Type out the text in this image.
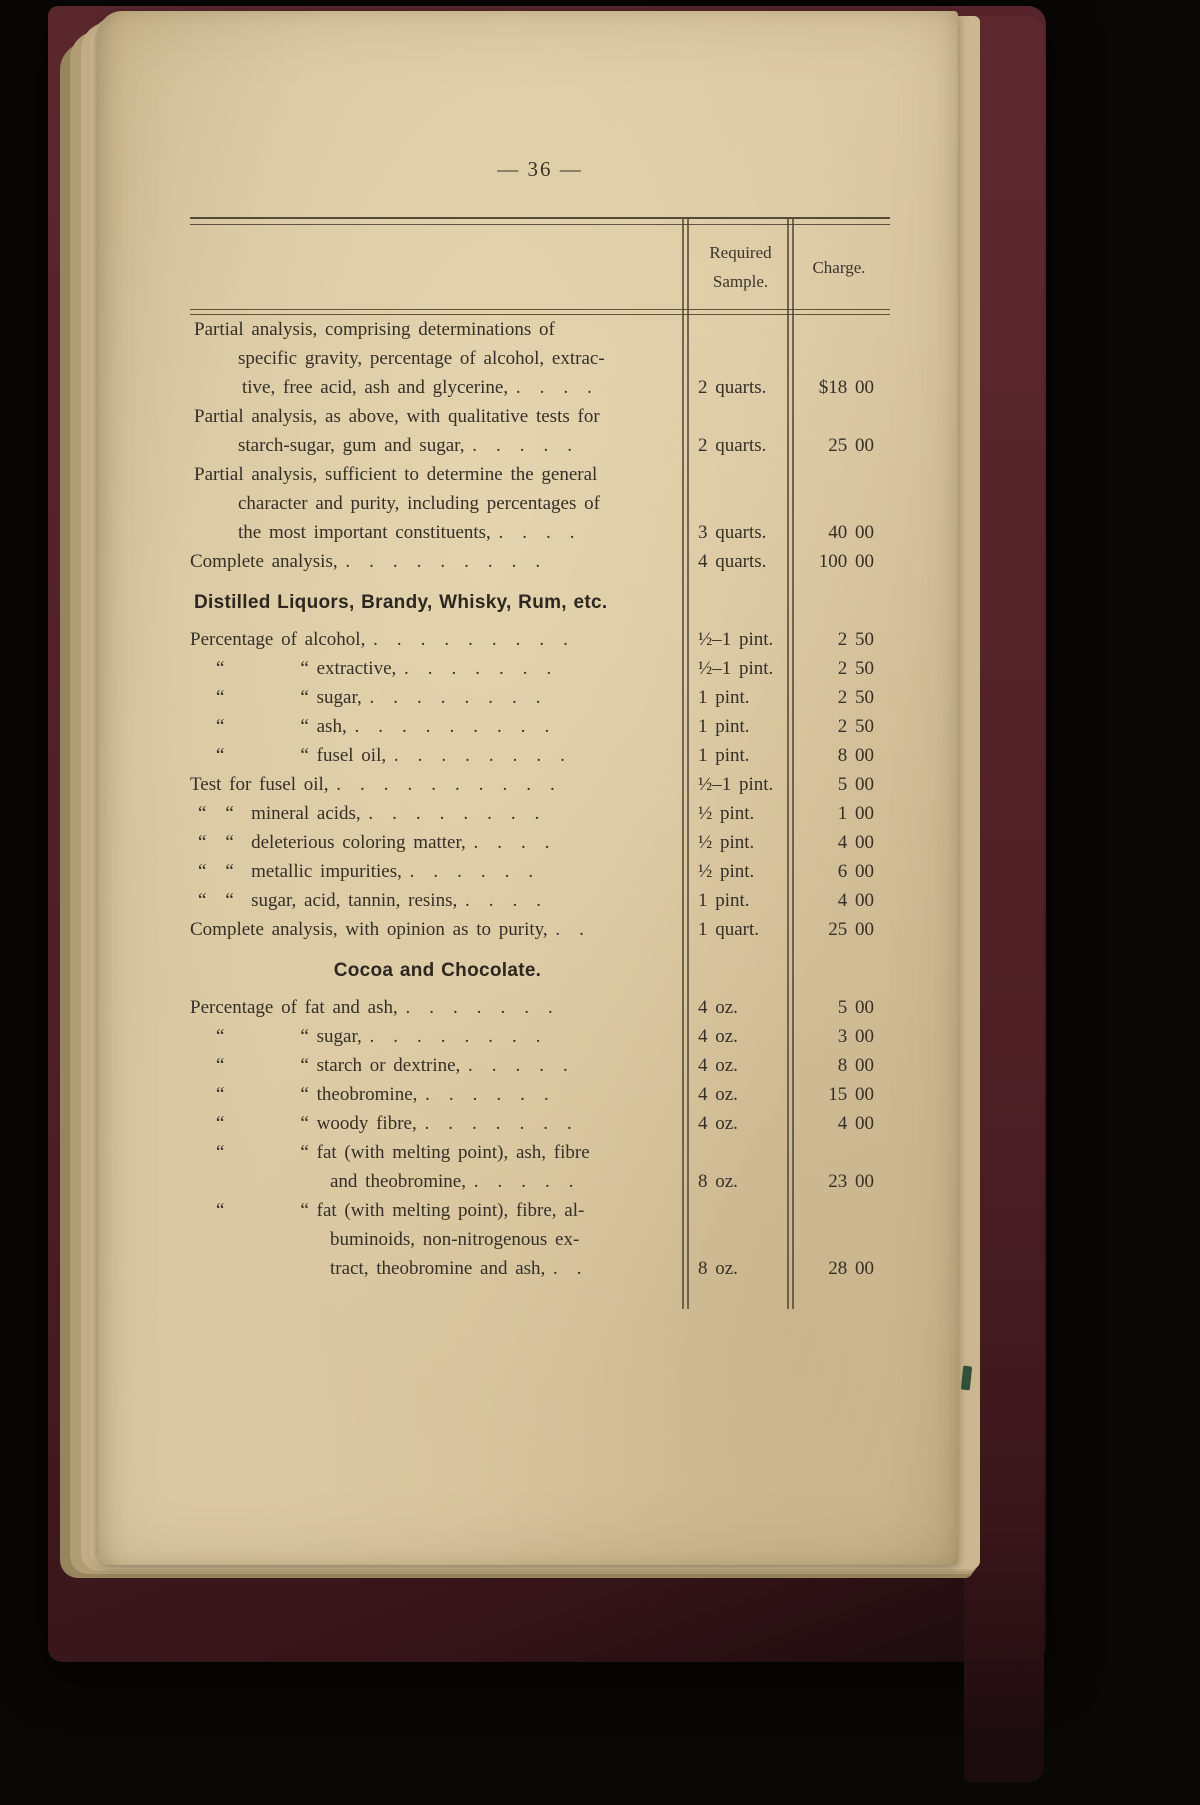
— 36 —
Required Sample.
Charge.
Partial analysis, comprising determinations of
specific gravity, percentage of alcohol, extrac-
tive, free acid, ash and glycerine, . . . .	2 quarts.	$18 00
Partial analysis, as above, with qualitative tests for
starch-sugar, gum and sugar, . . . . .	2 quarts.	25 00
Partial analysis, sufficient to determine the general
character and purity, including percentages of
the most important constituents, . . . .	3 quarts.	40 00
Complete analysis, . . . . . . . . .	4 quarts.	100 00
Distilled Liquors, Brandy, Whisky, Rum, etc.
Percentage of alcohol, . . . . . . . . .	½–1 pint.	2 50
“    “ extractive, . . . . . . .	½–1 pint.	2 50
“    “ sugar, . . . . . . . .	1 pint.	2 50
“    “ ash, . . . . . . . . .	1 pint.	2 50
“    “ fusel oil, . . . . . . . .	1 pint.	8 00
Test for fusel oil, . . . . . . . . . .	½–1 pint.	5 00
“  “  mineral acids, . . . . . . . .	½ pint.	1 00
“  “  deleterious coloring matter, . . . .	½ pint.	4 00
“  “  metallic impurities, . . . . . .	½ pint.	6 00
“  “  sugar, acid, tannin, resins, . . . .	1 pint.	4 00
Complete analysis, with opinion as to purity, . .	1 quart.	25 00
Cocoa and Chocolate.
Percentage of fat and ash, . . . . . . .	4 oz.	5 00
“    “ sugar, . . . . . . . .	4 oz.	3 00
“    “ starch or dextrine, . . . . .	4 oz.	8 00
“    “ theobromine, . . . . . .	4 oz.	15 00
“    “ woody fibre, . . . . . . .	4 oz.	4 00
“    “ fat (with melting point), ash, fibre
and theobromine, . . . . .	8 oz.	23 00
“    “ fat (with melting point), fibre, al-
buminoids, non-nitrogenous ex-
tract, theobromine and ash, . .	8 oz.	28 00
